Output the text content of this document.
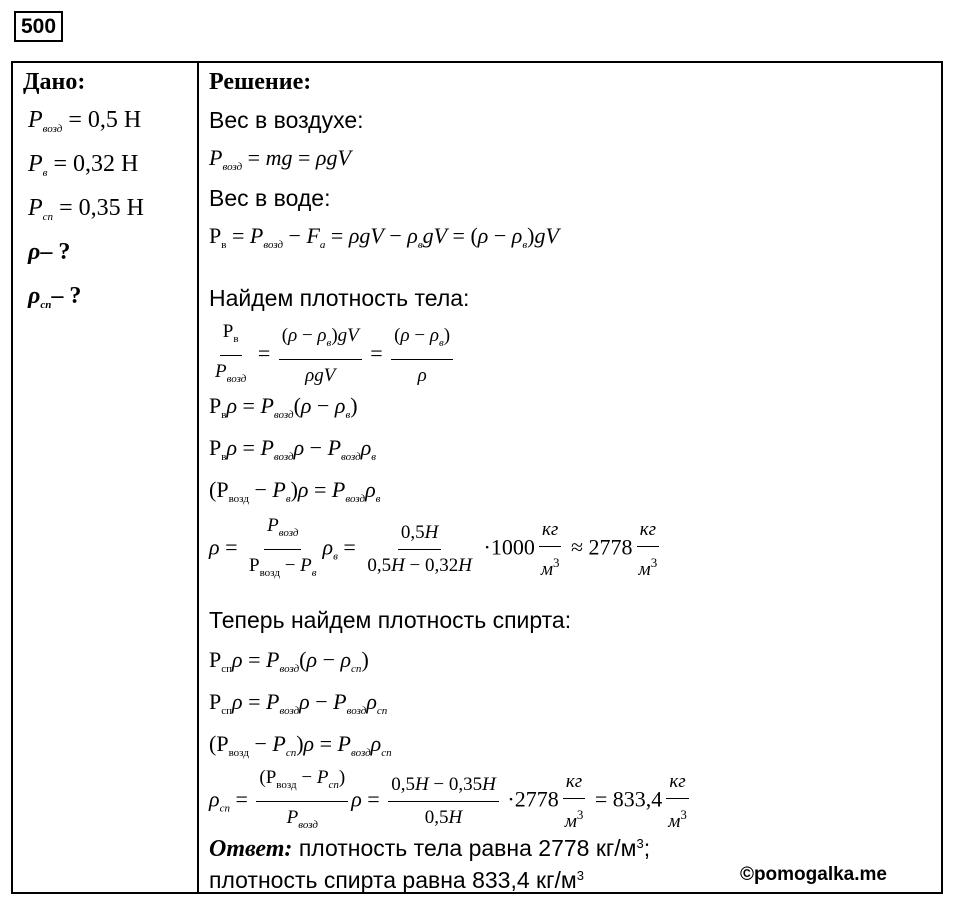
500
Дано:
$P_{возд} = 0,5$ Н
$P_в = 0,32$ Н
$P_{сп} = 0,35$ Н
ρ– ?
$\rho_{сп}-$ ?
Решение:
Вес в воздухе:
$P_{возд}$ = mg = ρgV
Вес в воде:
$P_в = P_{возд} - F_a = \rho gV - \rho_вgV = (\rho - \rho_в)gV$
Найдем плотность тела:
$\frac{P_в}{P_{возд}} = \frac{(\rho - \rho_в)gV}{\text{ρgV}} = \frac{(\rho - \rho_в)}{\rho}$
$P_в\rho = P_{возд}(\rho - \rho_в)$
$P_в\rho = P_{возд}\rho - P_{возд}\rho_в$
$(P_{возд} - P_в)\rho = P_{возд}\rho_в$
$\rho = \frac{P_{возд}}{P_{возд} - P_в} \rho_в = \frac{0,5Н}{0,5Н - 0,32Н} \cdot 1000 \frac{кг}{м^3} \approx 2778 \frac{кг}{м^3}$
Теперь найдем плотность спирта:
$P_{сп}\rho = P_{возд}(\rho - \rho_{сп})$
$P_{сп}\rho = P_{возд}\rho - P_{возд}\rho_{сп}$
$(P_{возд} - P_{сп})\rho = P_{возд}\rho_{сп}$
$\rho_{сп} = \frac{(P_{возд} - P_{сп})}{P_{возд}}$ $\rho = \frac{0,5Н - 0,35Н}{0,5Н} \cdot 2778 \frac{кг}{м^3} = 833,4 \frac{кг}{м^3}$
Ответ: плотность тела равна 2778 $кг/м^3$;
плотность спирта равна 833,4 $кг/м^3$	©pomogalka.me
